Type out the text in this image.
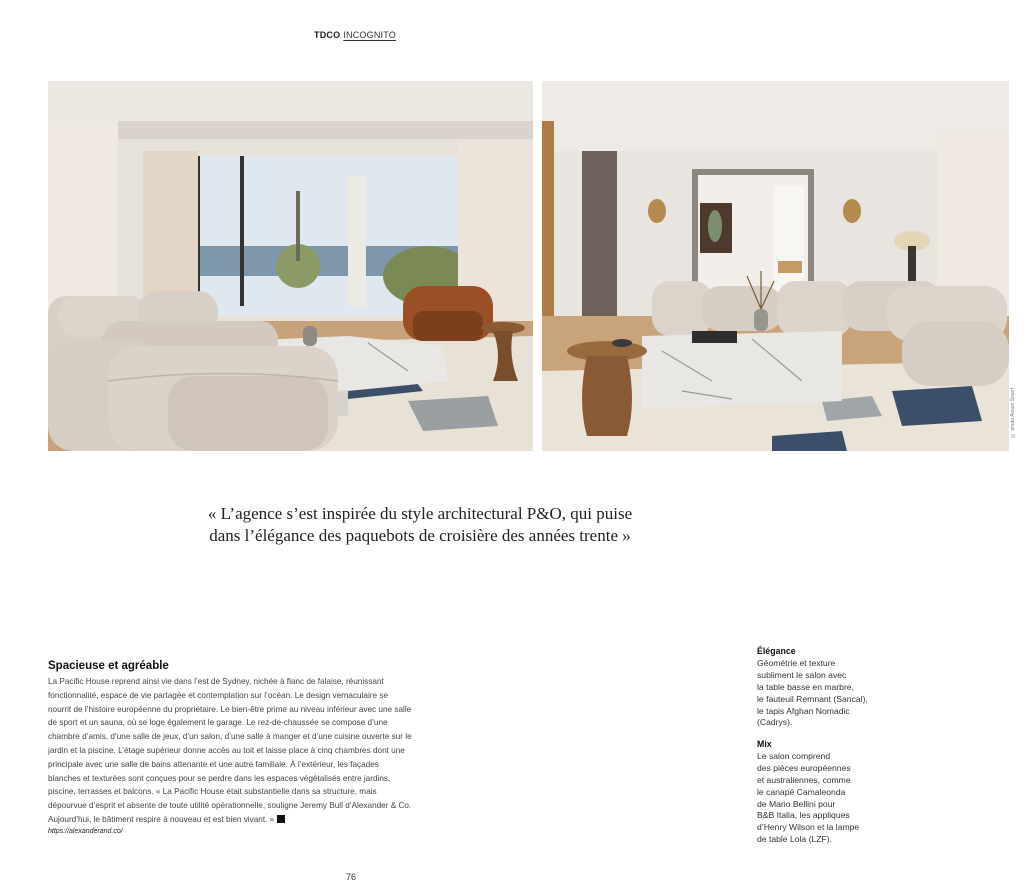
TDCO INCOGNITO
© photo Anson Smart
« L’agence s’est inspirée du style architectural P&O, qui puise
dans l’élégance des paquebots de croisière des années trente »
Spacieuse et agréable

La Pacific House reprend ainsi vie dans l’est de Sydney, nichée à flanc de falaise, réunissant fonctionnalité, espace de vie partagée et contemplation sur l’océan. Le design vernaculaire se nourrit de l’histoire européenne du propriétaire. Le bien-être prime au niveau inférieur avec une salle de sport et un sauna, où se loge également le garage. Le rez-de-chaussée se compose d’une chambre d’amis, d’une salle de jeux, d’un salon, d’une salle à manger et d’une cuisine ouverte sur le jardin et la piscine. L’étage supérieur donne accès au toit et laisse place à cinq chambres dont une principale avec une salle de bains attenante et une autre familiale. À l’extérieur, les façades blanches et texturées sont conçues pour se perdre dans les espaces végétalisés entre jardins, piscine, terrasses et balcons. « La Pacific House était substantielle dans sa structure, mais dépourvue d’esprit et absente de toute utilité opérationnelle, souligne Jeremy Bull d’Alexander & Co. Aujourd’hui, le bâtiment respire à nouveau et est bien vivant. »

https://alexanderand.co/
Élégance

Géométrie et texture
subliment le salon avec
la table basse en marbre,
le fauteuil Remnant (Sancal),
le tapis Afghan Nomadic
(Cadrys).

Mix

Le salon comprend
des pièces européennes
et australiennes, comme
le canapé Camaleonda
de Mario Bellini pour
B&B Italia, les appliques
d’Henry Wilson et la lampe
de table Lola (LZF).

76
